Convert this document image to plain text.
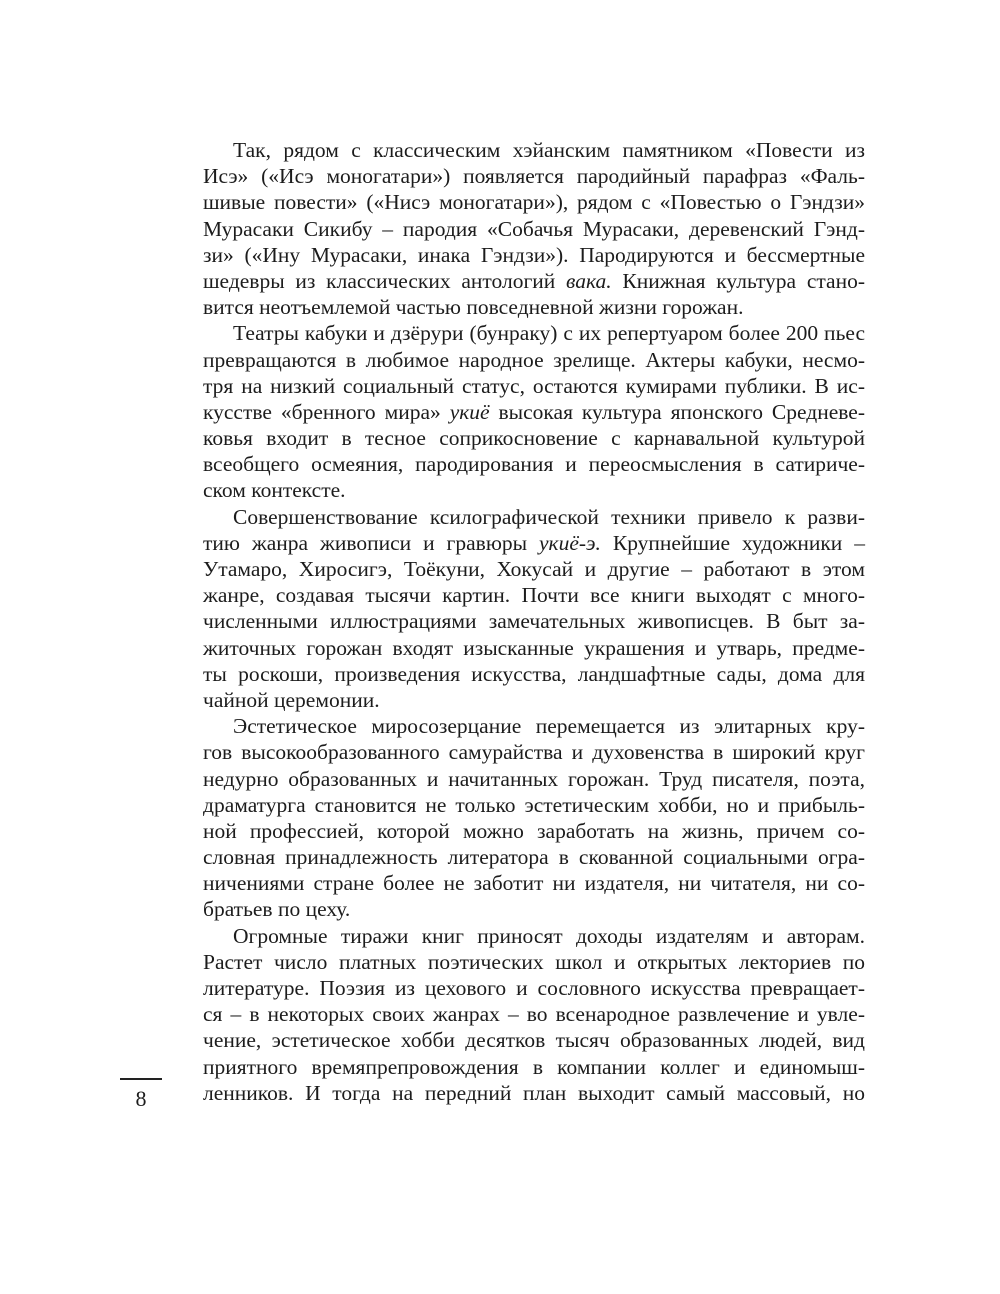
Так, рядом с классическим хэйанским памятником «Повести из
Исэ» («Исэ моногатари») появляется пародийный парафраз «Фаль-
шивые повести» («Нисэ моногатари»), рядом с «Повестью о Гэндзи»
Мурасаки Сикибу – пародия «Собачья Мурасаки, деревенский Гэнд-
зи» («Ину Мурасаки, инака Гэндзи»). Пародируются и бессмертные
шедевры из классических антологий вака. Книжная культура стано-
вится неотъемлемой частью повседневной жизни горожан.
Театры кабуки и дзёрури (бунраку) с их репертуаром более 200 пьес
превращаются в любимое народное зрелище. Актеры кабуки, несмо-
тря на низкий социальный статус, остаются кумирами публики. В ис-
кусстве «бренного мира» укиё высокая культура японского Средневе-
ковья входит в тесное соприкосновение с карнавальной культурой
всеобщего осмеяния, пародирования и переосмысления в сатириче-
ском контексте.
Совершенствование ксилографической техники привело к разви-
тию жанра живописи и гравюры укиё-э. Крупнейшие художники –
Утамаро, Хиросигэ, Тоёкуни, Хокусай и другие – работают в этом
жанре, создавая тысячи картин. Почти все книги выходят с много-
численными иллюстрациями замечательных живописцев. В быт за-
житочных горожан входят изысканные украшения и утварь, предме-
ты роскоши, произведения искусства, ландшафтные сады, дома для
чайной церемонии.
Эстетическое миросозерцание перемещается из элитарных кру-
гов высокообразованного самурайства и духовенства в широкий круг
недурно образованных и начитанных горожан. Труд писателя, поэта,
драматурга становится не только эстетическим хобби, но и прибыль-
ной профессией, которой можно заработать на жизнь, причем со-
словная принадлежность литератора в скованной социальными огра-
ничениями стране более не заботит ни издателя, ни читателя, ни со-
братьев по цеху.
Огромные тиражи книг приносят доходы издателям и авторам.
Растет число платных поэтических школ и открытых лекториев по
литературе. Поэзия из цехового и сословного искусства превращает-
ся – в некоторых своих жанрах – во всенародное развлечение и увле-
чение, эстетическое хобби десятков тысяч образованных людей, вид
приятного времяпрепровождения в компании коллег и единомыш-
ленников. И тогда на передний план выходит самый массовый, но
8
